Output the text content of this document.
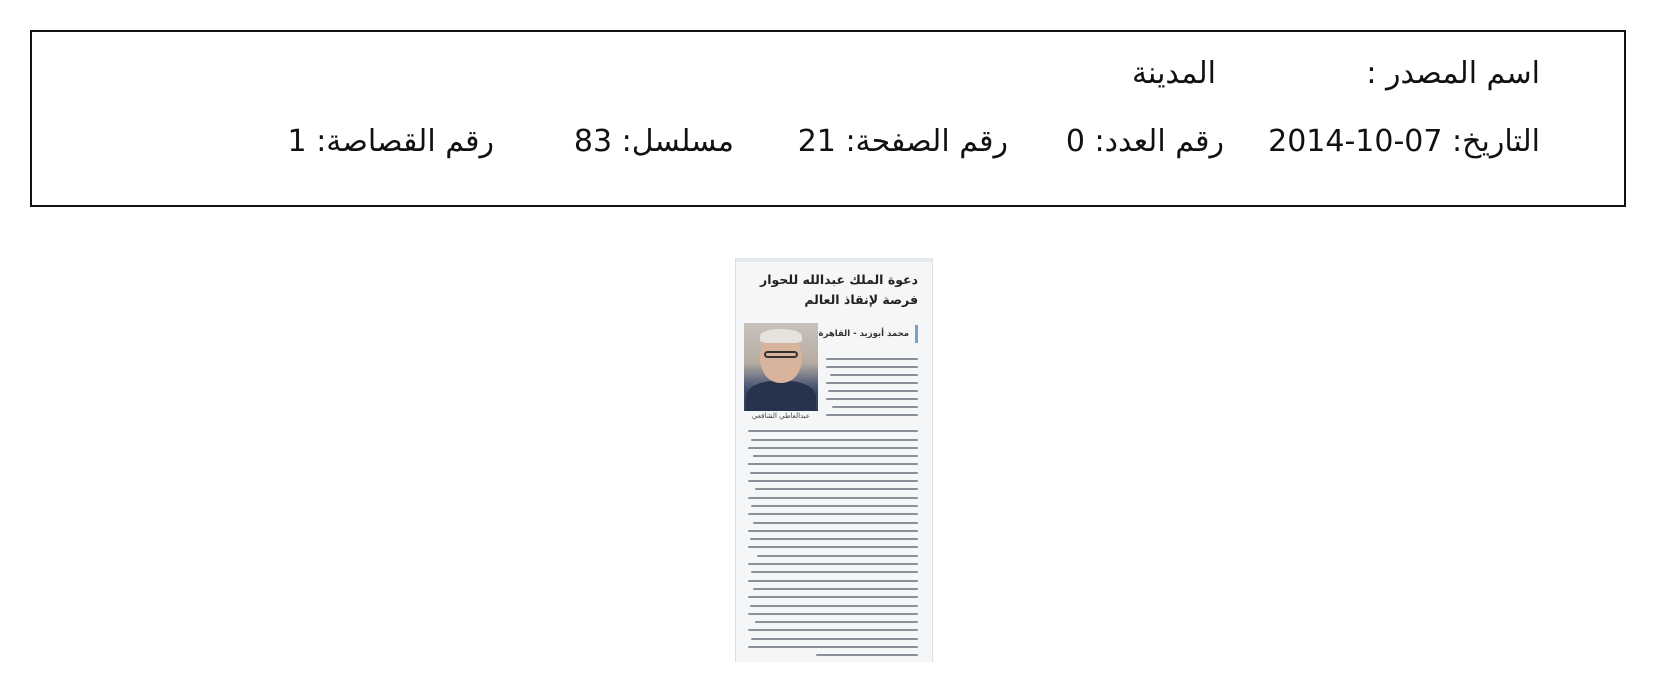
اسم المصدر :
المدينة
التاريخ: 2014-10-07
رقم العدد: 0
رقم الصفحة: 21
مسلسل: 83
رقم القصاصة: 1
دعوة الملك عبدالله للحوار
فرصة لإنقاذ العالم
محمد أبوزيد - القاهرة
عبدالعاطي الشافعي
